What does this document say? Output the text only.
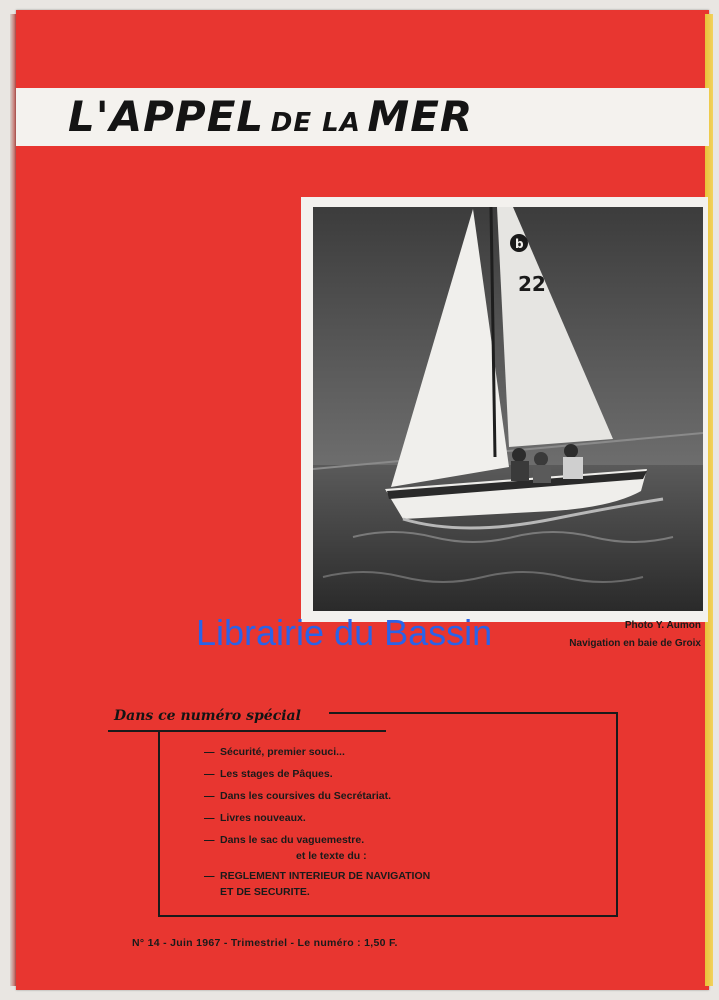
L'APPEL DE LA MER
22
b
Photo Y. Aumon
Navigation en baie de Groix
Librairie du Bassin
Dans ce numéro spécial
— Sécurité, premier souci...
— Les stages de Pâques.
— Dans les coursives du Secrétariat.
— Livres nouveaux.
— Dans le sac du vaguemestre.
et le texte du :
— REGLEMENT INTERIEUR DE NAVIGATION
ET DE SECURITE.
N° 14 - Juin 1967 - Trimestriel - Le numéro : 1,50 F.
